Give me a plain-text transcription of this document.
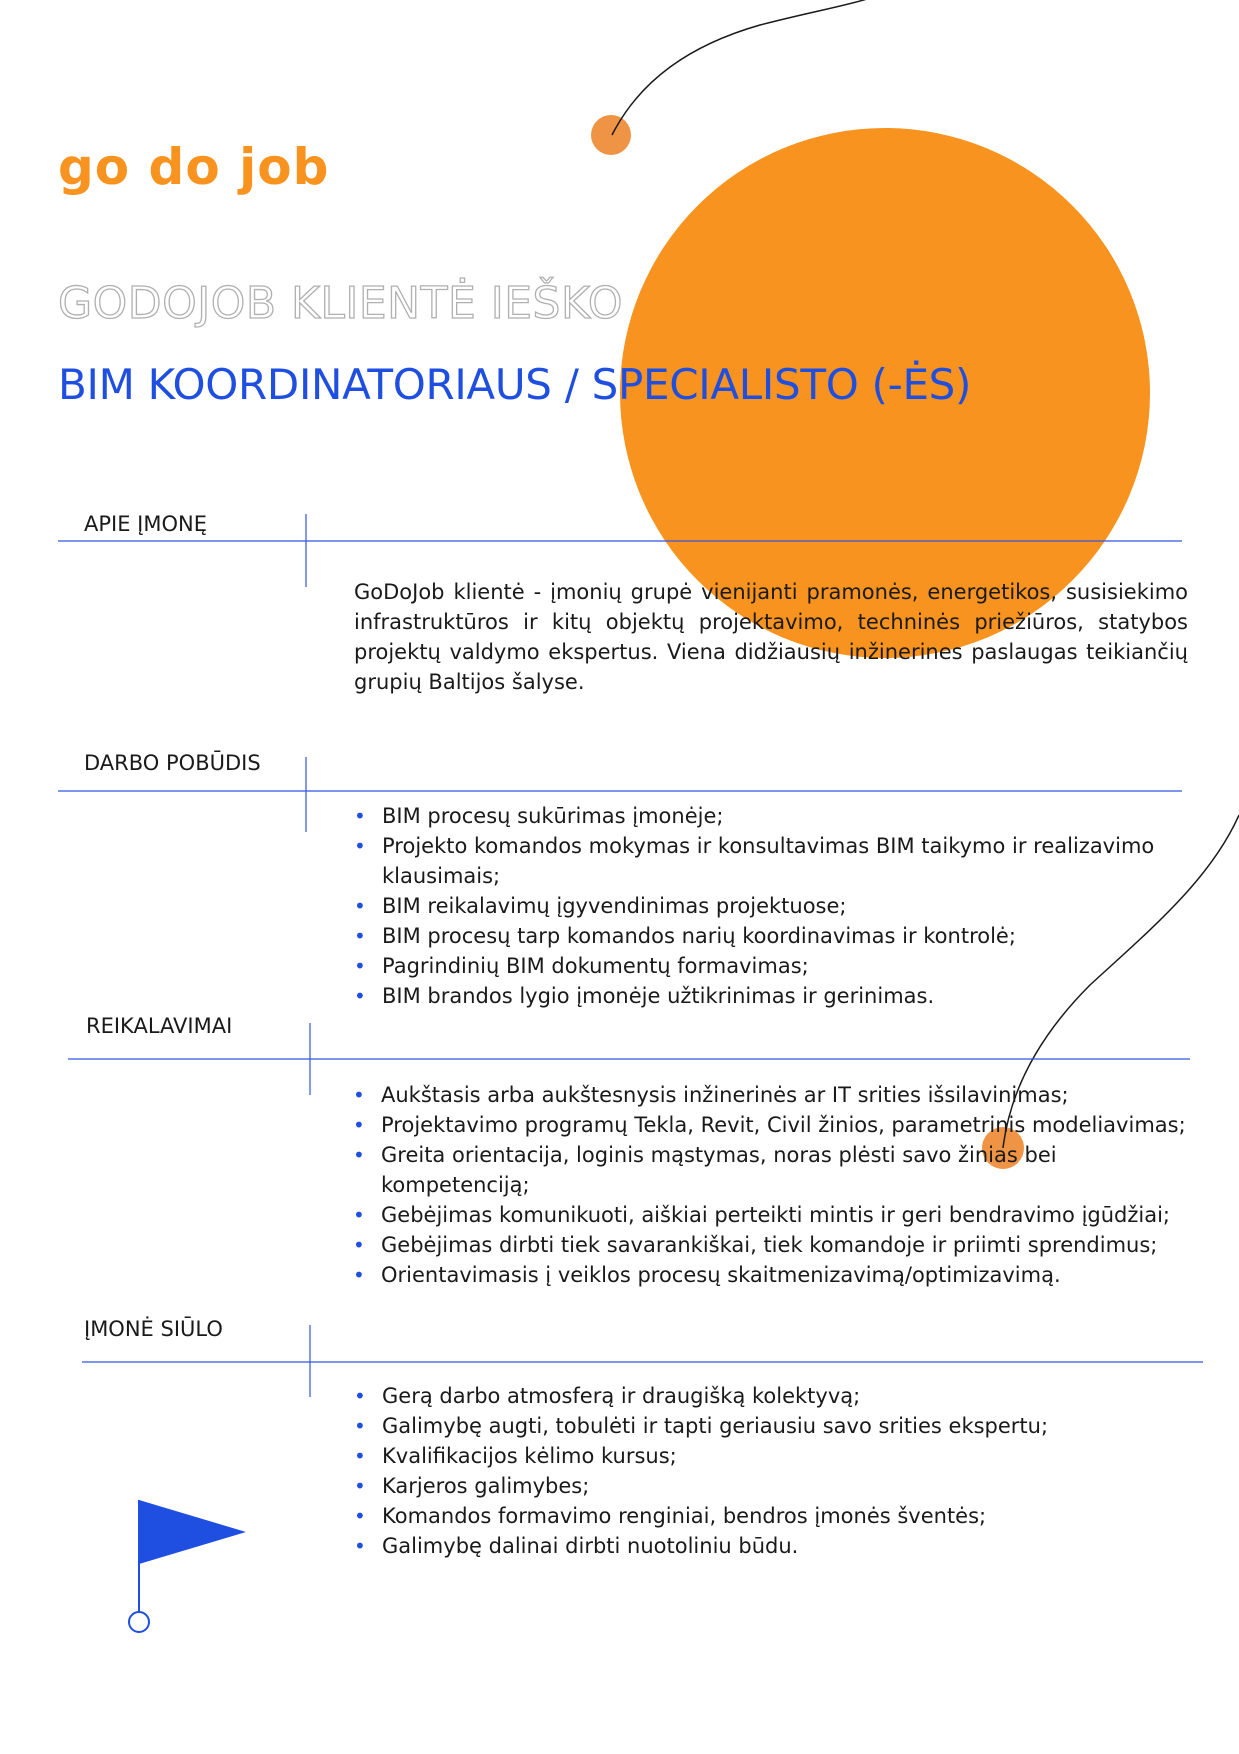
go do job
GODOJOB KLIENTĖ IEŠKO
BIM KOORDINATORIAUS / SPECIALISTO (-ĖS)
APIE ĮMONĘ
GoDoJob klientė - įmonių grupė vienijanti pramonės, energetikos, susisiekimo infrastruktūros ir kitų objektų projektavimo, techninės priežiūros, statybos projektų valdymo ekspertus. Viena didžiausių inžinerines paslaugas teikiančių grupių Baltijos šalyse.
DARBO POBŪDIS
• BIM procesų sukūrimas įmonėje;
• Projekto komandos mokymas ir konsultavimas BIM taikymo ir realizavimo klausimais;
• BIM reikalavimų įgyvendinimas projektuose;
• BIM procesų tarp komandos narių koordinavimas ir kontrolė;
• Pagrindinių BIM dokumentų formavimas;
• BIM brandos lygio įmonėje užtikrinimas ir gerinimas.
REIKALAVIMAI
• Aukštasis arba aukštesnysis inžinerinės ar IT srities išsilavinimas;
• Projektavimo programų Tekla, Revit, Civil žinios, parametrinis modeliavimas;
• Greita orientacija, loginis mąstymas, noras plėsti savo žinias bei kompetenciją;
• Gebėjimas komunikuoti, aiškiai perteikti mintis ir geri bendravimo įgūdžiai;
• Gebėjimas dirbti tiek savarankiškai, tiek komandoje ir priimti sprendimus;
• Orientavimasis į veiklos procesų skaitmenizavimą/optimizavimą.
ĮMONĖ SIŪLO
• Gerą darbo atmosferą ir draugišką kolektyvą;
• Galimybę augti, tobulėti ir tapti geriausiu savo srities ekspertu;
• Kvalifikacijos kėlimo kursus;
• Karjeros galimybes;
• Komandos formavimo renginiai, bendros įmonės šventės;
• Galimybę dalinai dirbti nuotoliniu būdu.
